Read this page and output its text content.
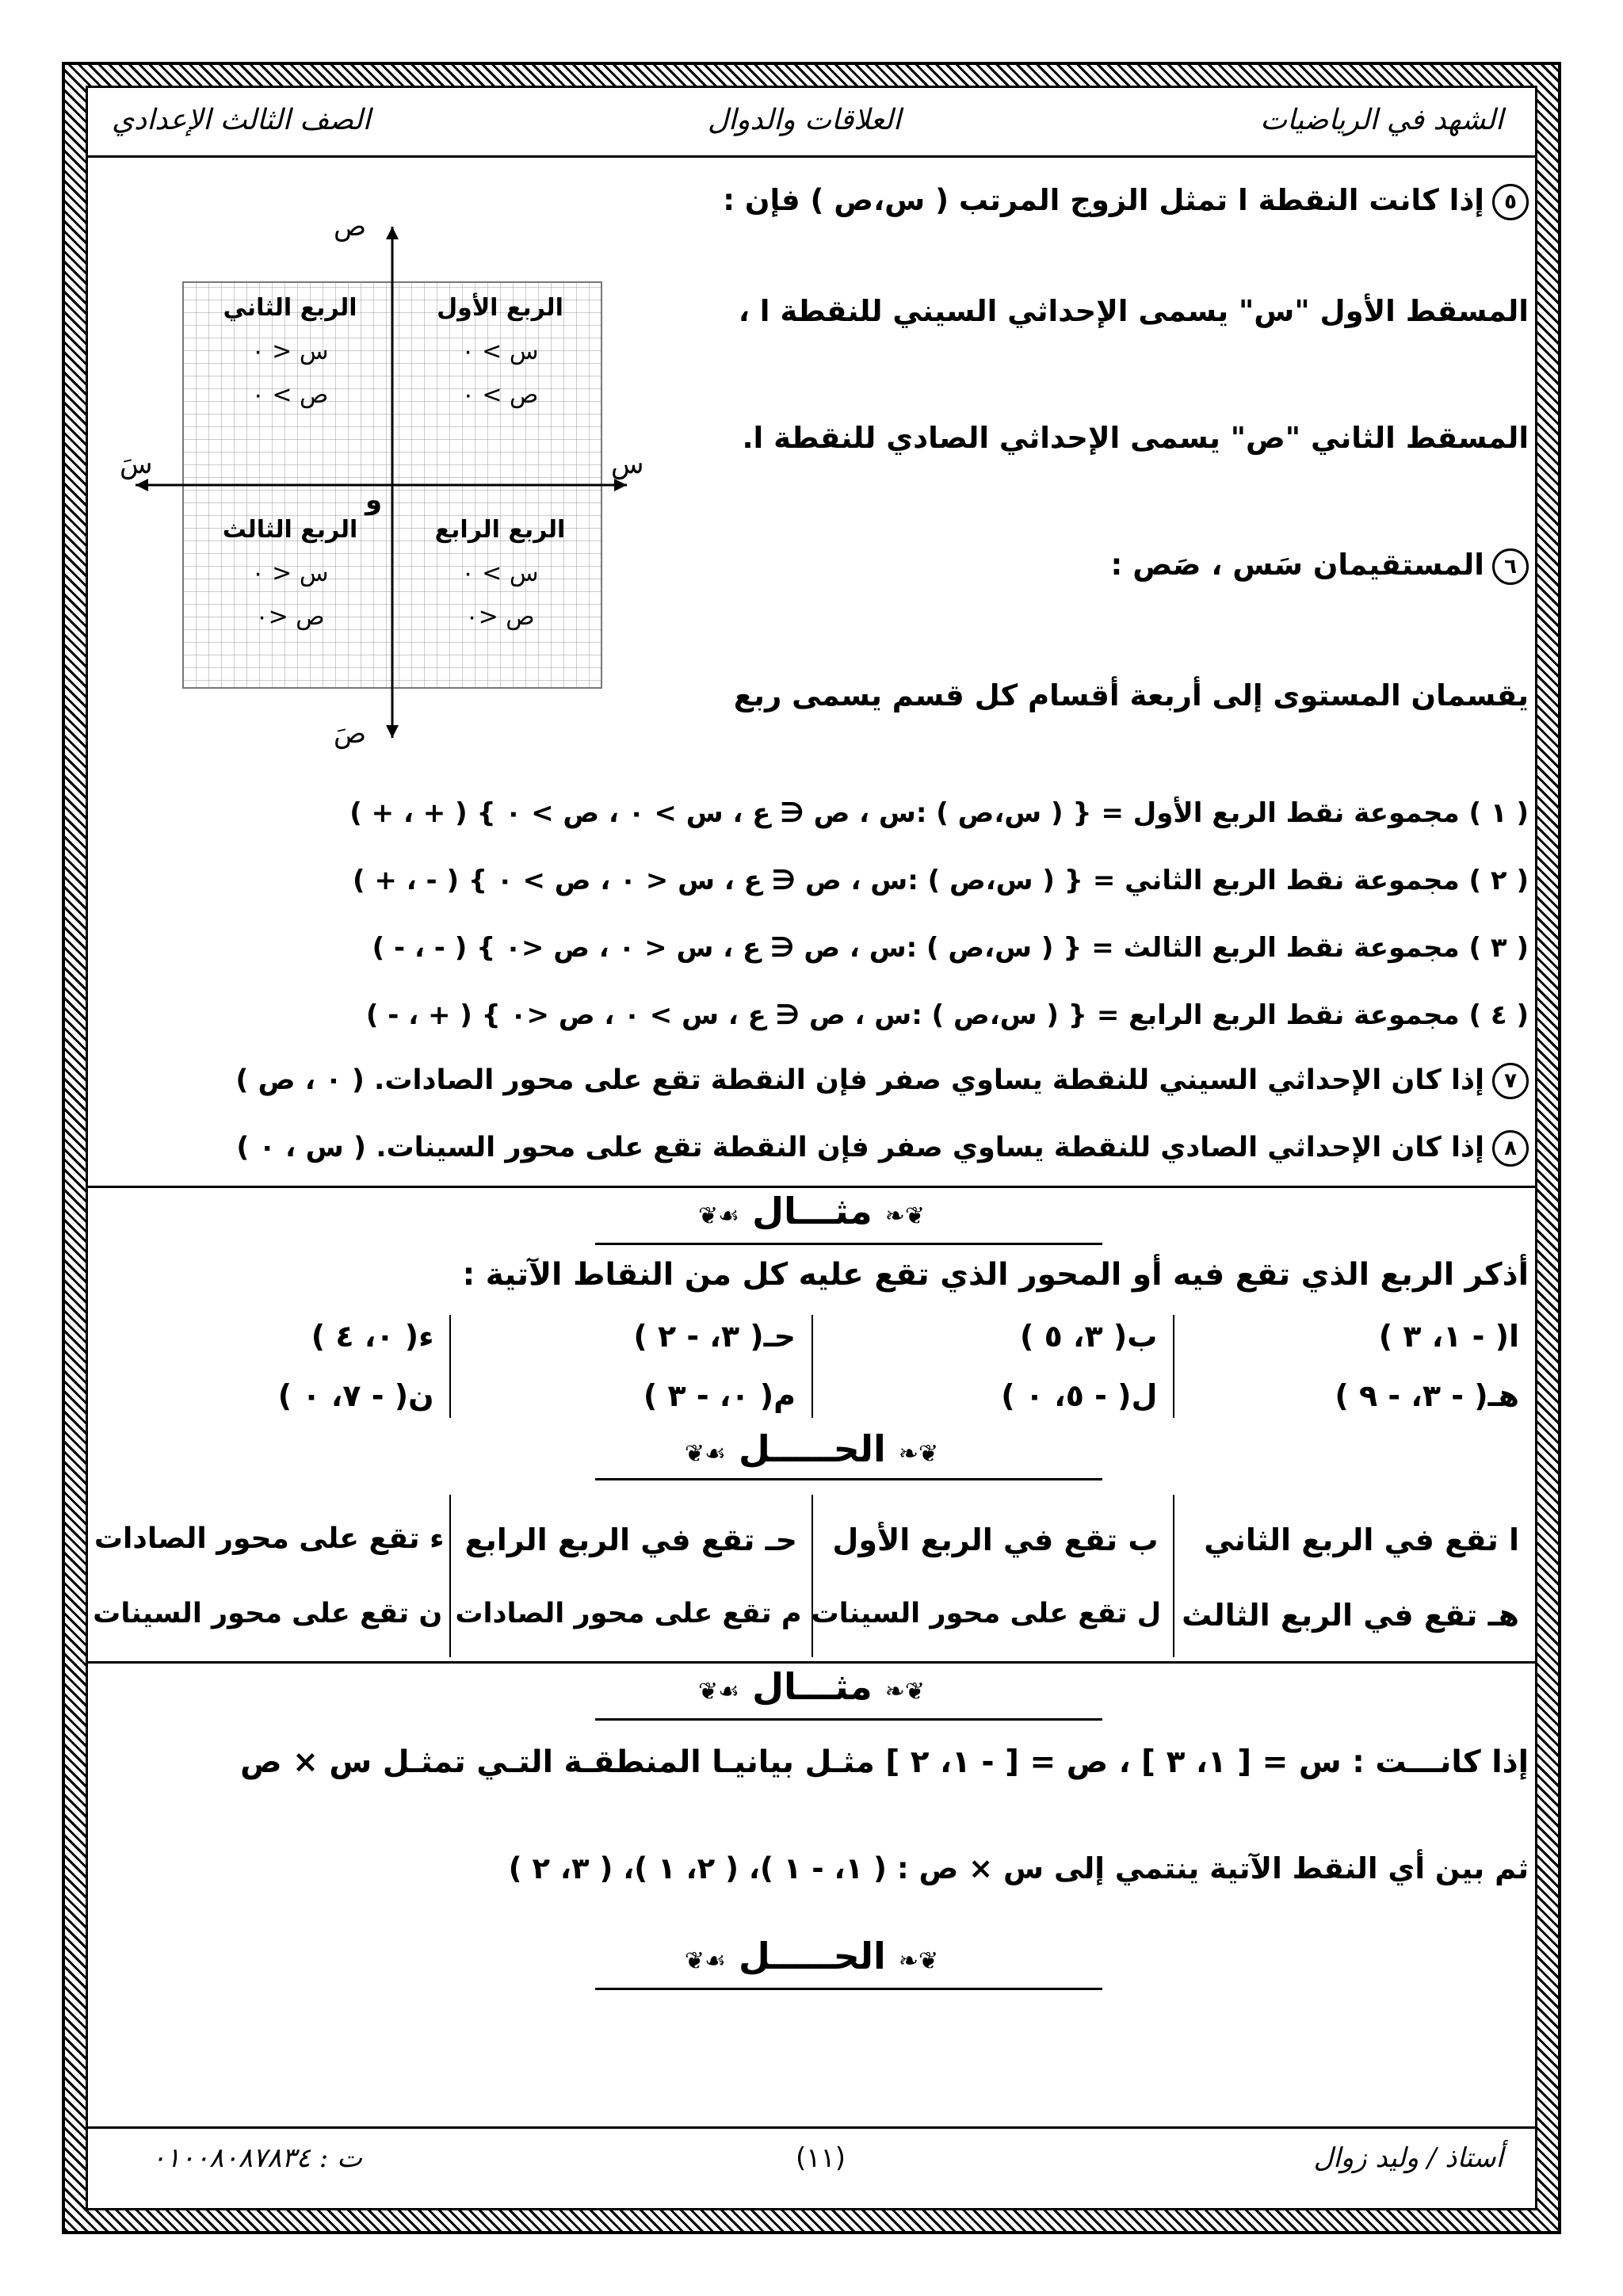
الشهد في الرياضيات
العلاقات والدوال
الصف الثالث الإعدادي
٥إذا كانت النقطة ا تمثل الزوج المرتب ( س،ص ) فإن :
المسقط الأول "س" يسمى الإحداثي السيني للنقطة ا ،
المسقط الثاني "ص" يسمى الإحداثي الصادي للنقطة ا.
٦المستقيمان سَس ، صَص :
يقسمان المستوى إلى أربعة أقسام كل قسم يسمى ربع
ص
صَ
س
سَ
و
الربع الأول
س > ٠
ص > ٠
الربع الثاني
س < ٠
ص > ٠
الربع الثالث
س < ٠
ص <٠
الربع الرابع
س > ٠
ص <٠
( ١ ) مجموعة نقط الربع الأول = { ( س،ص ) :س ، ص ∈ ع ، س > ٠ ، ص > ٠ } ( + ، + )
( ٢ ) مجموعة نقط الربع الثاني = { ( س،ص ) :س ، ص ∈ ع ، س < ٠ ، ص > ٠ } ( - ، + )
( ٣ ) مجموعة نقط الربع الثالث = { ( س،ص ) :س ، ص ∈ ع ، س < ٠ ، ص <٠ } ( - ، - )
( ٤ ) مجموعة نقط الربع الرابع = { ( س،ص ) :س ، ص ∈ ع ، س > ٠ ، ص <٠ } ( + ، - )
٧إذا كان الإحداثي السيني للنقطة يساوي صفر فإن النقطة تقع على محور الصادات. ( ٠ ، ص )
٨إذا كان الإحداثي الصادي للنقطة يساوي صفر فإن النقطة تقع على محور السينات. ( س ، ٠ )
❦❧ مثـــال ☙❦
أذكر الربع الذي تقع فيه أو المحور الذي تقع عليه كل من النقاط الآتية :
ا( - ١، ٣ )
ب( ٣، ٥ )
حـ( ٣، - ٢ )
ء( ٠، ٤ )
هـ( - ٣، - ٩ )
ل( - ٥، ٠ )
م( ٠، - ٣ )
ن( - ٧، ٠ )
❦❧ الحـــــل ☙❦
ا تقع في الربع الثاني
ب تقع في الربع الأول
حـ تقع في الربع الرابع
ء تقع على محور الصادات
هـ تقع في الربع الثالث
ل تقع على محور السينات
م تقع على محور الصادات
ن تقع على محور السينات
❦❧ مثـــال ☙❦
إذا كانـــت : س = [ ١، ٣ ] ، ص = [ - ١، ٢ ] مثـل بيانيـا المنطقـة التـي تمثـل س × ص
ثم بين أي النقط الآتية ينتمي إلى س × ص : ( ١، - ١ )، ( ٢، ١ )، ( ٣، ٢ )
❦❧ الحـــــل ☙❦
أستاذ / وليد زوال
(١١)
ت : ٠١٠٠٨٠٨٧٨٣٤
